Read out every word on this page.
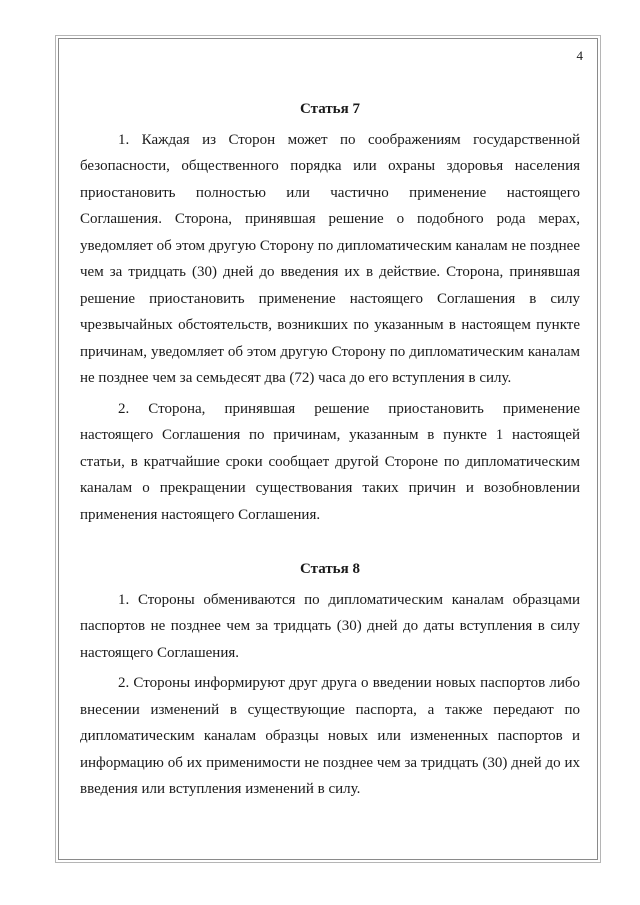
4
Статья 7

1. Каждая из Сторон может по соображениям государственной безопасности, общественного порядка или охраны здоровья населения приостановить полностью или частично применение настоящего Соглашения. Сторона, принявшая решение о подобного рода мерах, уведомляет об этом другую Сторону по дипломатическим каналам не позднее чем за тридцать (30) дней до введения их в действие. Сторона, принявшая решение приостановить применение настоящего Соглашения в силу чрезвычайных обстоятельств, возникших по указанным в настоящем пункте причинам, уведомляет об этом другую Сторону по дипломатическим каналам не позднее чем за семьдесят два (72) часа до его вступления в силу.

2. Сторона, принявшая решение приостановить применение настоящего Соглашения по причинам, указанным в пункте 1 настоящей статьи, в кратчайшие сроки сообщает другой Стороне по дипломатическим каналам о прекращении существования таких причин и возобновлении применения настоящего Соглашения.

Статья 8

1. Стороны обмениваются по дипломатическим каналам образцами паспортов не позднее чем за тридцать (30) дней до даты вступления в силу настоящего Соглашения.

2. Стороны информируют друг друга о введении новых паспортов либо внесении изменений в существующие паспорта, а также передают по дипломатическим каналам образцы новых или измененных паспортов и информацию об их применимости не позднее чем за тридцать (30) дней до их введения или вступления изменений в силу.
